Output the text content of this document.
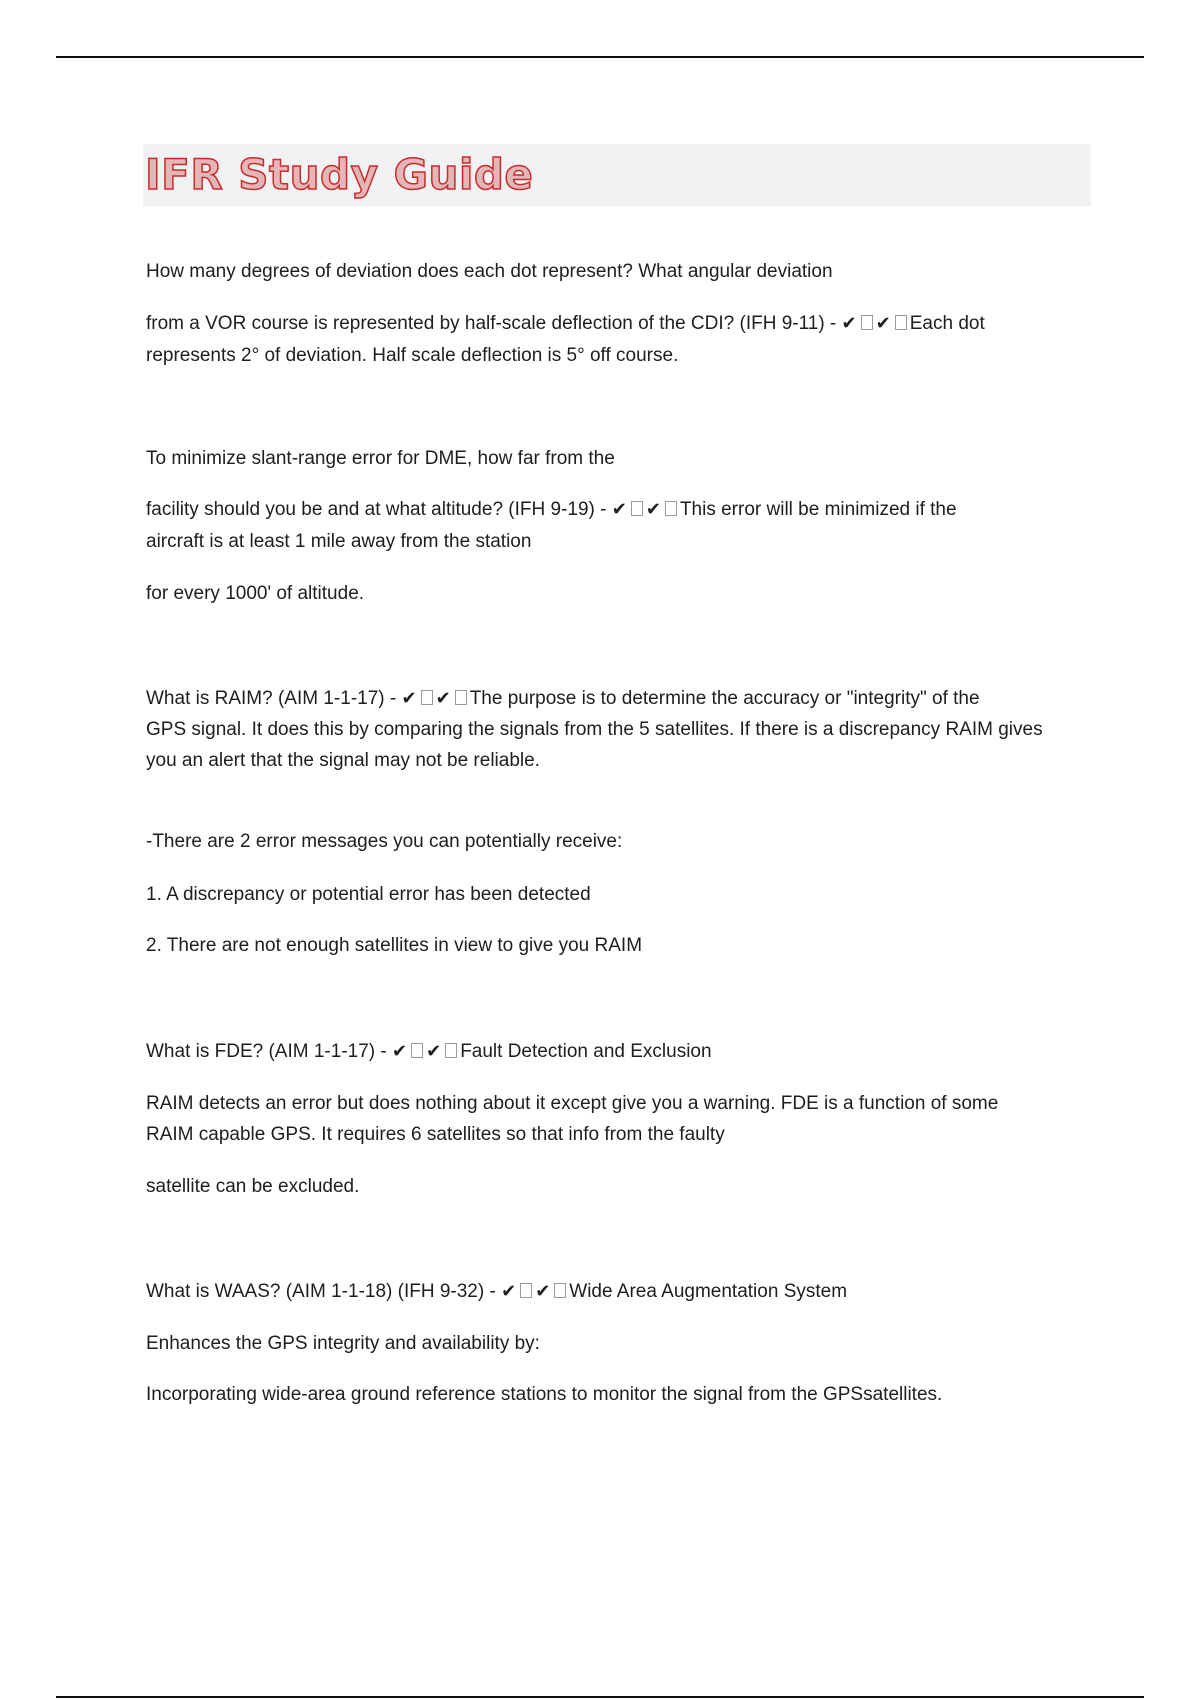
IFR Study Guide

How many degrees of deviation does each dot represent? What angular deviation

from a VOR course is represented by half-scale deflection of the CDI? (IFH 9-11) - ✔ ✔ Each dot

represents 2° of deviation. Half scale deflection is 5° off course.

To minimize slant-range error for DME, how far from the

facility should you be and at what altitude? (IFH 9-19) - ✔ ✔ This error will be minimized if the

aircraft is at least 1 mile away from the station

for every 1000' of altitude.

What is RAIM? (AIM 1-1-17) - ✔ ✔ The purpose is to determine the accuracy or "integrity" of the

GPS signal. It does this by comparing the signals from the 5 satellites. If there is a discrepancy RAIM gives

you an alert that the signal may not be reliable.

-There are 2 error messages you can potentially receive:

1. A discrepancy or potential error has been detected

2. There are not enough satellites in view to give you RAIM

What is FDE? (AIM 1-1-17) - ✔ ✔ Fault Detection and Exclusion

RAIM detects an error but does nothing about it except give you a warning. FDE is a function of some

RAIM capable GPS. It requires 6 satellites so that info from the faulty

satellite can be excluded.

What is WAAS? (AIM 1-1-18) (IFH 9-32) - ✔ ✔ Wide Area Augmentation System

Enhances the GPS integrity and availability by:

Incorporating wide-area ground reference stations to monitor the signal from the GPSsatellites.
